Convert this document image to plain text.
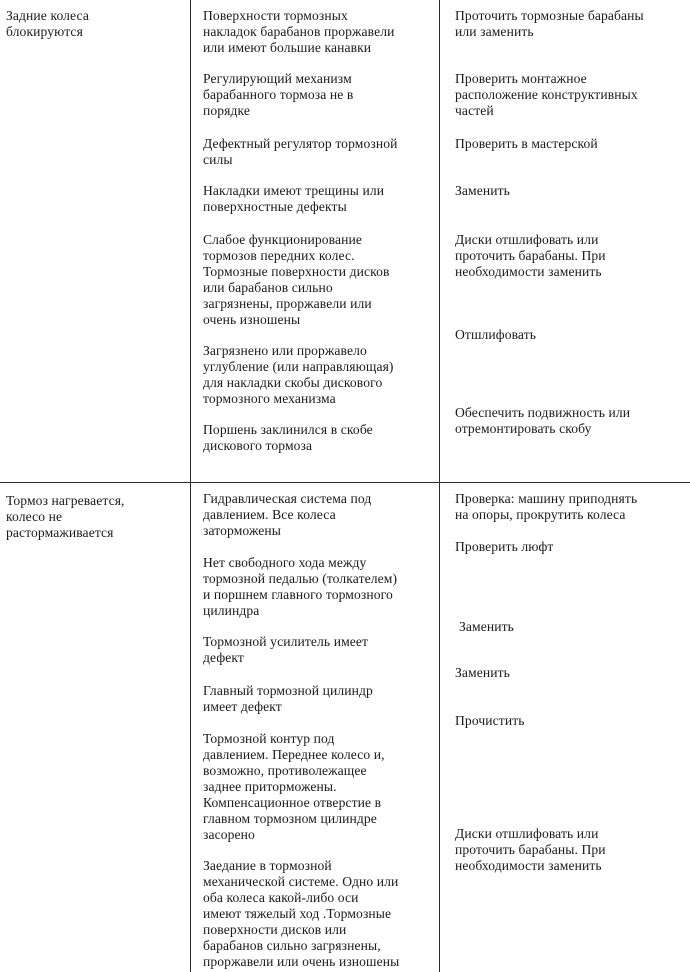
Задние колеса
блокируются

Поверхности тормозных
накладок барабанов проржавели
или имеют большие канавки

Проточить тормозные барабаны
или заменить

Регулирующий механизм
барабанного тормоза не в
порядке

Проверить монтажное
расположение конструктивных
частей

Дефектный регулятор тормозной
силы

Проверить в мастерской

Накладки имеют трещины или
поверхностные дефекты

Заменить

Слабое функционирование
тормозов передних колес.
Тормозные поверхности дисков
или барабанов сильно
загрязнены, проржавели или
очень изношены

Диски отшлифовать или
проточить барабаны. При
необходимости заменить

Загрязнено или проржавело
углубление (или направляющая)
для накладки скобы дискового
тормозного механизма

Отшлифовать

Поршень заклинился в скобе
дискового тормоза

Обеспечить подвижность или
отремонтировать скобу

Тормоз нагревается,
колесо не
растормаживается

Гидравлическая система под
давлением. Все колеса
заторможены

Проверка: машину приподнять
на опоры, прокрутить колеса

Нет свободного хода между
тормозной педалью (толкателем)
и поршнем главного тормозного
цилиндра

Проверить люфт

Тормозной усилитель имеет
дефект

Заменить

Главный тормозной цилиндр
имеет дефект

Заменить

Тормозной контур под
давлением. Переднее колесо и,
возможно, противолежащее
заднее приторможены.
Компенсационное отверстие в
главном тормозном цилиндре
засорено

Прочистить

Заедание в тормозной
механической системе. Одно или
оба колеса какой-либо оси
имеют тяжелый ход .Тормозные
поверхности дисков или
барабанов сильно загрязнены,
проржавели или очень изношены

Диски отшлифовать или
проточить барабаны. При
необходимости заменить
